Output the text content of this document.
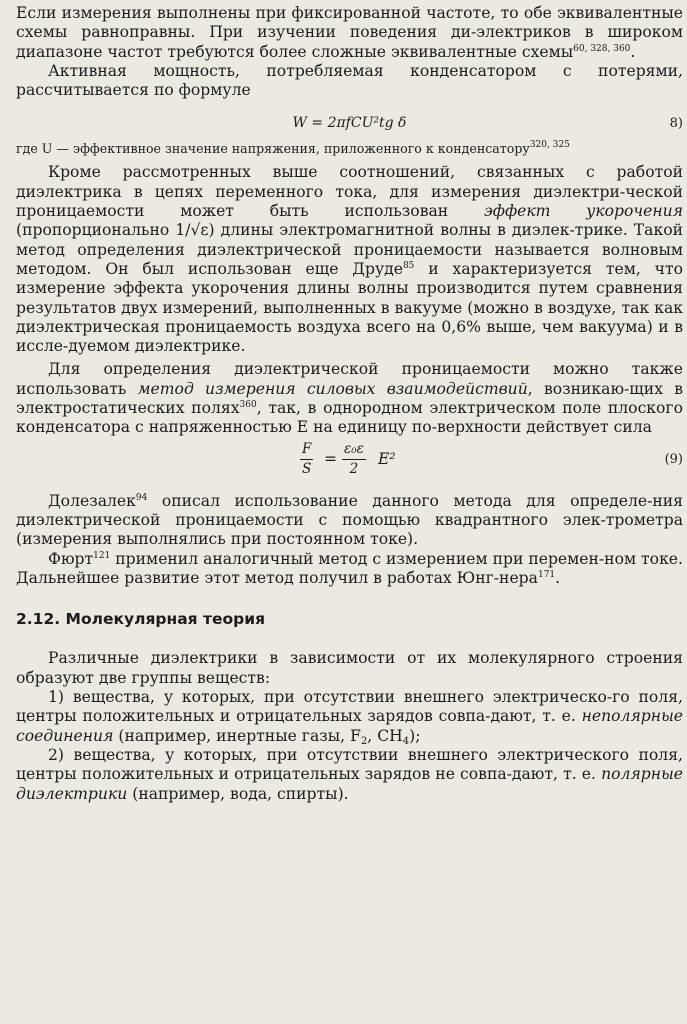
Если измерения выполнены при фиксированной частоте, то обе эквивалентные схемы равноправны. При изучении поведения ди-электриков в широком диапазоне частот требуются более сложные эквивалентные схемы$^{60, 328, 360}$.

Активная мощность, потребляемая конденсатором с потерями, рассчитывается по формуле

W = 2πfCU²tg δ	8)

где U — эффективное значение напряжения, приложенного к конденсатору$^{320, 325}$

Кроме рассмотренных выше соотношений, связанных с работой диэлектрика в цепях переменного тока, для измерения диэлектри-ческой проницаемости может быть использован эффект укорочения (пропорционально 1/√ε) длины электромагнитной волны в диэлек-трике. Такой метод определения диэлектрической проницаемости называется волновым методом. Он был использован еще Друде$^{85}$ и характеризуется тем, что измерение эффекта укорочения длины волны производится путем сравнения результатов двух измерений, выполненных в вакууме (можно в воздухе, так как диэлектрическая проницаемость воздуха всего на 0,6% выше, чем вакуума) и в иссле-дуемом диэлектрике.

Для определения диэлектрической проницаемости можно также использовать метод измерения силовых взаимодействий, возникаю-щих в электростатических полях$^{360}$, так, в однородном электрическом поле плоского конденсатора с напряженностью E на единицу по-верхности действует сила

$\frac{F}{S} = \frac{\text{ε₀ε}}{2} E^2$	(9)

Долезалек$^{94}$ описал использование данного метода для определе-ния диэлектрической проницаемости с помощью квадрантного элек-трометра (измерения выполнялись при постоянном токе).

Фюрт$^{121}$ применил аналогичный метод с измерением при перемен-ном токе. Дальнейшее развитие этот метод получил в работах Юнг-нера$^{171}$.

2.12. Молекулярная теория

Различные диэлектрики в зависимости от их молекулярного строения образуют две группы веществ:

1) вещества, у которых, при отсутствии внешнего электрическо-го поля, центры положительных и отрицательных зарядов совпа-дают, т. е. неполярные соединения (например, инертные газы, $F_2$, $CH_4$);

2) вещества, у которых, при отсутствии внешнего электрического поля, центры положительных и отрицательных зарядов не совпа-дают, т. е. полярные диэлектрики (например, вода, спирты).
